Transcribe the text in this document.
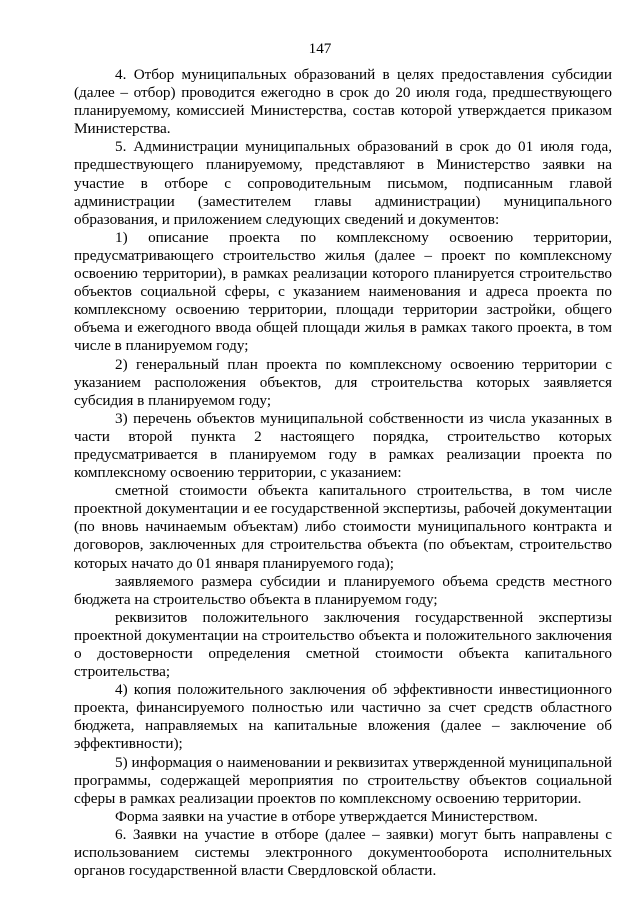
147

4. Отбор муниципальных образований в целях предоставления субсидии (далее – отбор) проводится ежегодно в срок до 20 июля года, предшествующего планируемому, комиссией Министерства, состав которой утверждается приказом Министерства.

5. Администрации муниципальных образований в срок до 01 июля года, предшествующего планируемому, представляют в Министерство заявки на участие в отборе с сопроводительным письмом, подписанным главой администрации (заместителем главы администрации) муниципального образования, и приложением следующих сведений и документов:

1) описание проекта по комплексному освоению территории, предусматривающего строительство жилья (далее – проект по комплексному освоению территории), в рамках реализации которого планируется строительство объектов социальной сферы, с указанием наименования и адреса проекта по комплексному освоению территории, площади территории застройки, общего объема и ежегодного ввода общей площади жилья в рамках такого проекта, в том числе в планируемом году;

2) генеральный план проекта по комплексному освоению территории с указанием расположения объектов, для строительства которых заявляется субсидия в планируемом году;

3) перечень объектов муниципальной собственности из числа указанных в части второй пункта 2 настоящего порядка, строительство которых предусматривается в планируемом году в рамках реализации проекта по комплексному освоению территории, с указанием:

сметной стоимости объекта капитального строительства, в том числе проектной документации и ее государственной экспертизы, рабочей документации (по вновь начинаемым объектам) либо стоимости муниципального контракта и договоров, заключенных для строительства объекта (по объектам, строительство которых начато до 01 января планируемого года);

заявляемого размера субсидии и планируемого объема средств местного бюджета на строительство объекта в планируемом году;

реквизитов положительного заключения государственной экспертизы проектной документации на строительство объекта и положительного заключения о достоверности определения сметной стоимости объекта капитального строительства;

4) копия положительного заключения об эффективности инвестиционного проекта, финансируемого полностью или частично за счет средств областного бюджета, направляемых на капитальные вложения (далее – заключение об эффективности);

5) информация о наименовании и реквизитах утвержденной муниципальной программы, содержащей мероприятия по строительству объектов социальной сферы в рамках реализации проектов по комплексному освоению территории.

Форма заявки на участие в отборе утверждается Министерством.

6. Заявки на участие в отборе (далее – заявки) могут быть направлены с использованием системы электронного документооборота исполнительных органов государственной власти Свердловской области.
